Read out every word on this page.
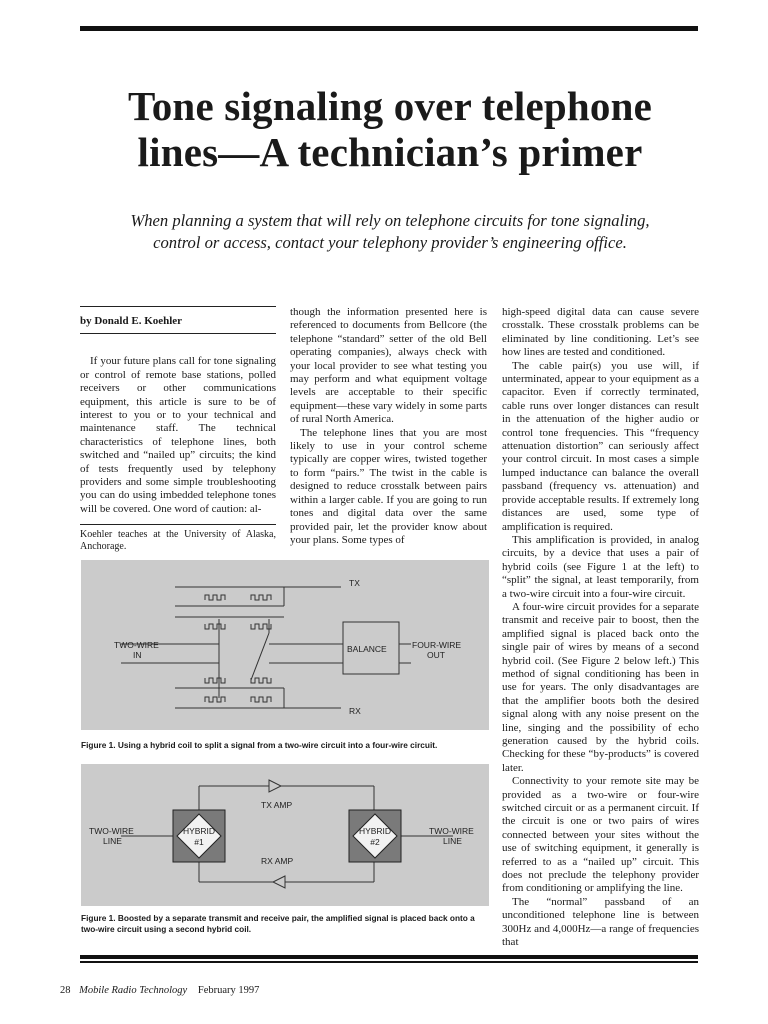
Tone signaling over telephone
lines—A technician’s primer

When planning a system that will rely on telephone circuits for tone signaling,
control or access, contact your telephony provider’s engineering office.

by Donald E. Koehler

If your future plans call for tone signaling or control of remote base stations, polled receivers or other communications equipment, this article is sure to be of interest to you or to your technical and maintenance staff. The technical characteristics of telephone lines, both switched and “nailed up” circuits; the kind of tests frequently used by telephony providers and some simple troubleshooting you can do using imbedded telephone tones will be covered. One word of caution: al-

Koehler teaches at the University of Alaska, Anchorage.

though the information presented here is referenced to documents from Bellcore (the telephone “standard” setter of the old Bell operating companies), always check with your local provider to see what testing you may perform and what equipment voltage levels are acceptable to their specific equipment—these vary widely in some parts of rural North America.

The telephone lines that you are most likely to use in your control scheme typically are copper wires, twisted together to form “pairs.” The twist in the cable is designed to reduce crosstalk between pairs within a larger cable. If you are going to run tones and digital data over the same provided pair, let the provider know about your plans. Some types of

high-speed digital data can cause severe crosstalk. These crosstalk problems can be eliminated by line conditioning. Let’s see how lines are tested and conditioned.

The cable pair(s) you use will, if unterminated, appear to your equipment as a capacitor. Even if correctly terminated, cable runs over longer distances can result in the attenuation of the higher audio or control tone frequencies. This “frequency attenuation distortion” can seriously affect your control circuit. In most cases a simple lumped inductance can balance the overall passband (frequency vs. attenuation) and provide acceptable results. If extremely long distances are used, some type of amplification is required.

This amplification is provided, in analog circuits, by a device that uses a pair of hybrid coils (see Figure 1 at the left) to “split” the signal, at least temporarily, from a two-wire circuit into a four-wire circuit.

A four-wire circuit provides for a separate transmit and receive pair to boost, then the amplified signal is placed back onto the single pair of wires by means of a second hybrid coil. (See Figure 2 below left.) This method of signal conditioning has been in use for years. The only disadvantages are that the amplifier boots both the desired signal along with any noise present on the line, singing and the possibility of echo generation caused by the hybrid coils. Checking for these “by-products” is covered later.

Connectivity to your remote site may be provided as a two-wire or four-wire switched circuit or as a permanent circuit. If the circuit is one or two pairs of wires connected between your sites without the use of switching equipment, it generally is referred to as a “nailed up” circuit. This does not preclude the telephony provider from conditioning or amplifying the line.

The “normal” passband of an unconditioned telephone line is between 300Hz and 4,000Hz—a range of frequencies that

TX
RX
TWO-WIRE
IN
BALANCE	FOUR-WIRE
OUT
Figure 1. Using a hybrid coil to split a signal from a two-wire circuit into a four-wire circuit.
TX AMP
RX AMP
TWO-WIRE
LINE
TWO-WIRE
LINE
HYBRID
#1
HYBRID
#2
Figure 1. Boosted by a separate transmit and receive pair, the amplified signal is placed back onto a two-wire circuit using a second hybrid coil.
28 Mobile Radio Technology February 1997
